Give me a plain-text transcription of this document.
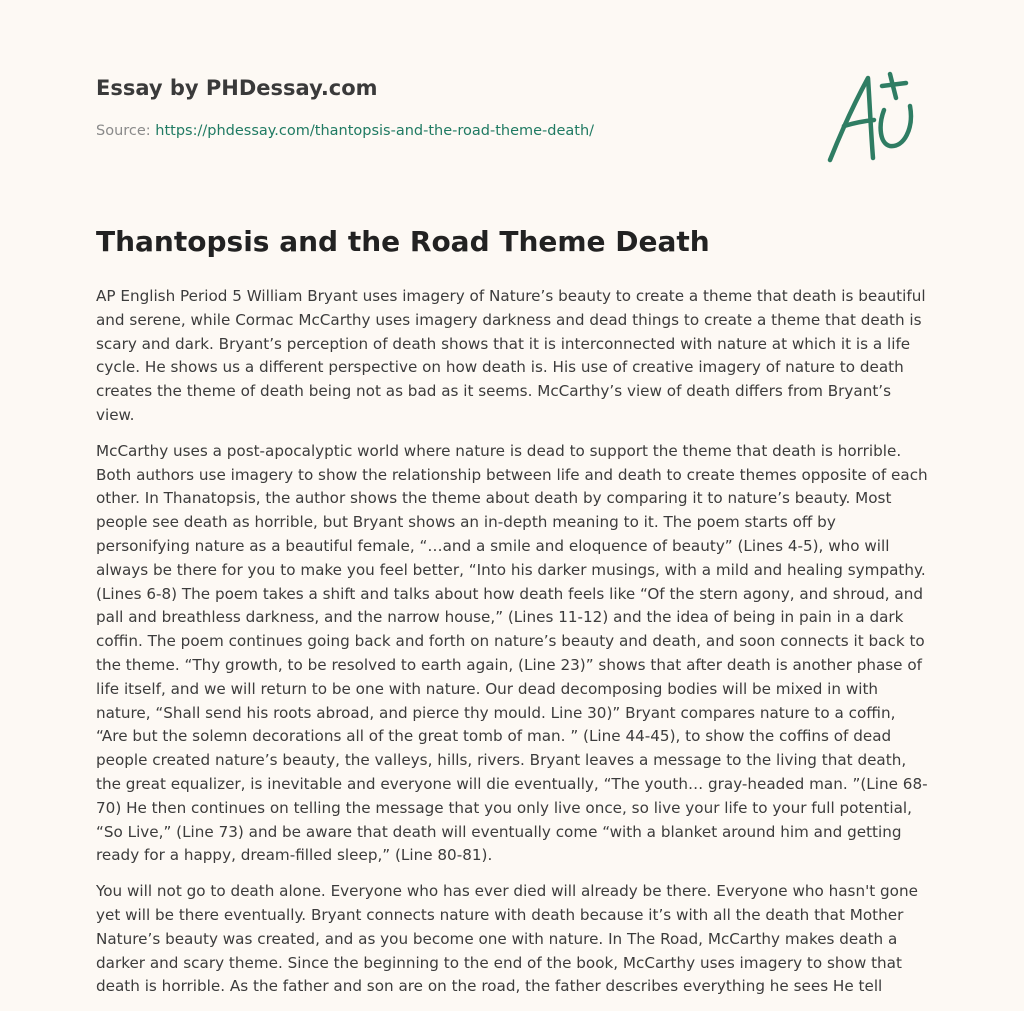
Essay by PHDessay.com
Source: https://phdessay.com/thantopsis-and-the-road-theme-death/
Thantopsis and the Road Theme Death

AP English Period 5 William Bryant uses imagery of Nature’s beauty to create a theme that death is beautiful and serene, while Cormac McCarthy uses imagery darkness and dead things to create a theme that death is scary and dark. Bryant’s perception of death shows that it is interconnected with nature at which it is a life cycle. He shows us a different perspective on how death is. His use of creative imagery of nature to death creates the theme of death being not as bad as it seems. McCarthy’s view of death differs from Bryant’s view.

McCarthy uses a post-apocalyptic world where nature is dead to support the theme that death is horrible. Both authors use imagery to show the relationship between life and death to create themes opposite of each other. In Thanatopsis, the author shows the theme about death by comparing it to nature’s beauty. Most people see death as horrible, but Bryant shows an in-depth meaning to it. The poem starts off by personifying nature as a beautiful female, “…and a smile and eloquence of beauty” (Lines 4-5), who will always be there for you to make you feel better, “Into his darker musings, with a mild and healing sympathy. (Lines 6-8) The poem takes a shift and talks about how death feels like “Of the stern agony, and shroud, and pall and breathless darkness, and the narrow house,” (Lines 11-12) and the idea of being in pain in a dark coffin. The poem continues going back and forth on nature’s beauty and death, and soon connects it back to the theme. “Thy growth, to be resolved to earth again, (Line 23)” shows that after death is another phase of life itself, and we will return to be one with nature. Our dead decomposing bodies will be mixed in with nature, “Shall send his roots abroad, and pierce thy mould. Line 30)” Bryant compares nature to a coffin, “Are but the solemn decorations all of the great tomb of man. ” (Line 44-45), to show the coffins of dead people created nature’s beauty, the valleys, hills, rivers. Bryant leaves a message to the living that death, the great equalizer, is inevitable and everyone will die eventually, “The youth… gray-headed man. ”(Line 68-70) He then continues on telling the message that you only live once, so live your life to your full potential, “So Live,” (Line 73) and be aware that death will eventually come “with a blanket around him and getting ready for a happy, dream-filled sleep,” (Line 80-81).

You will not go to death alone. Everyone who has ever died will already be there. Everyone who hasn't gone yet will be there eventually. Bryant connects nature with death because it’s with all the death that Mother Nature’s beauty was created, and as you become one with nature. In The Road, McCarthy makes death a darker and scary theme. Since the beginning to the end of the book, McCarthy uses imagery to show that death is horrible. As the father and son are on the road, the father describes everything he sees He tell
